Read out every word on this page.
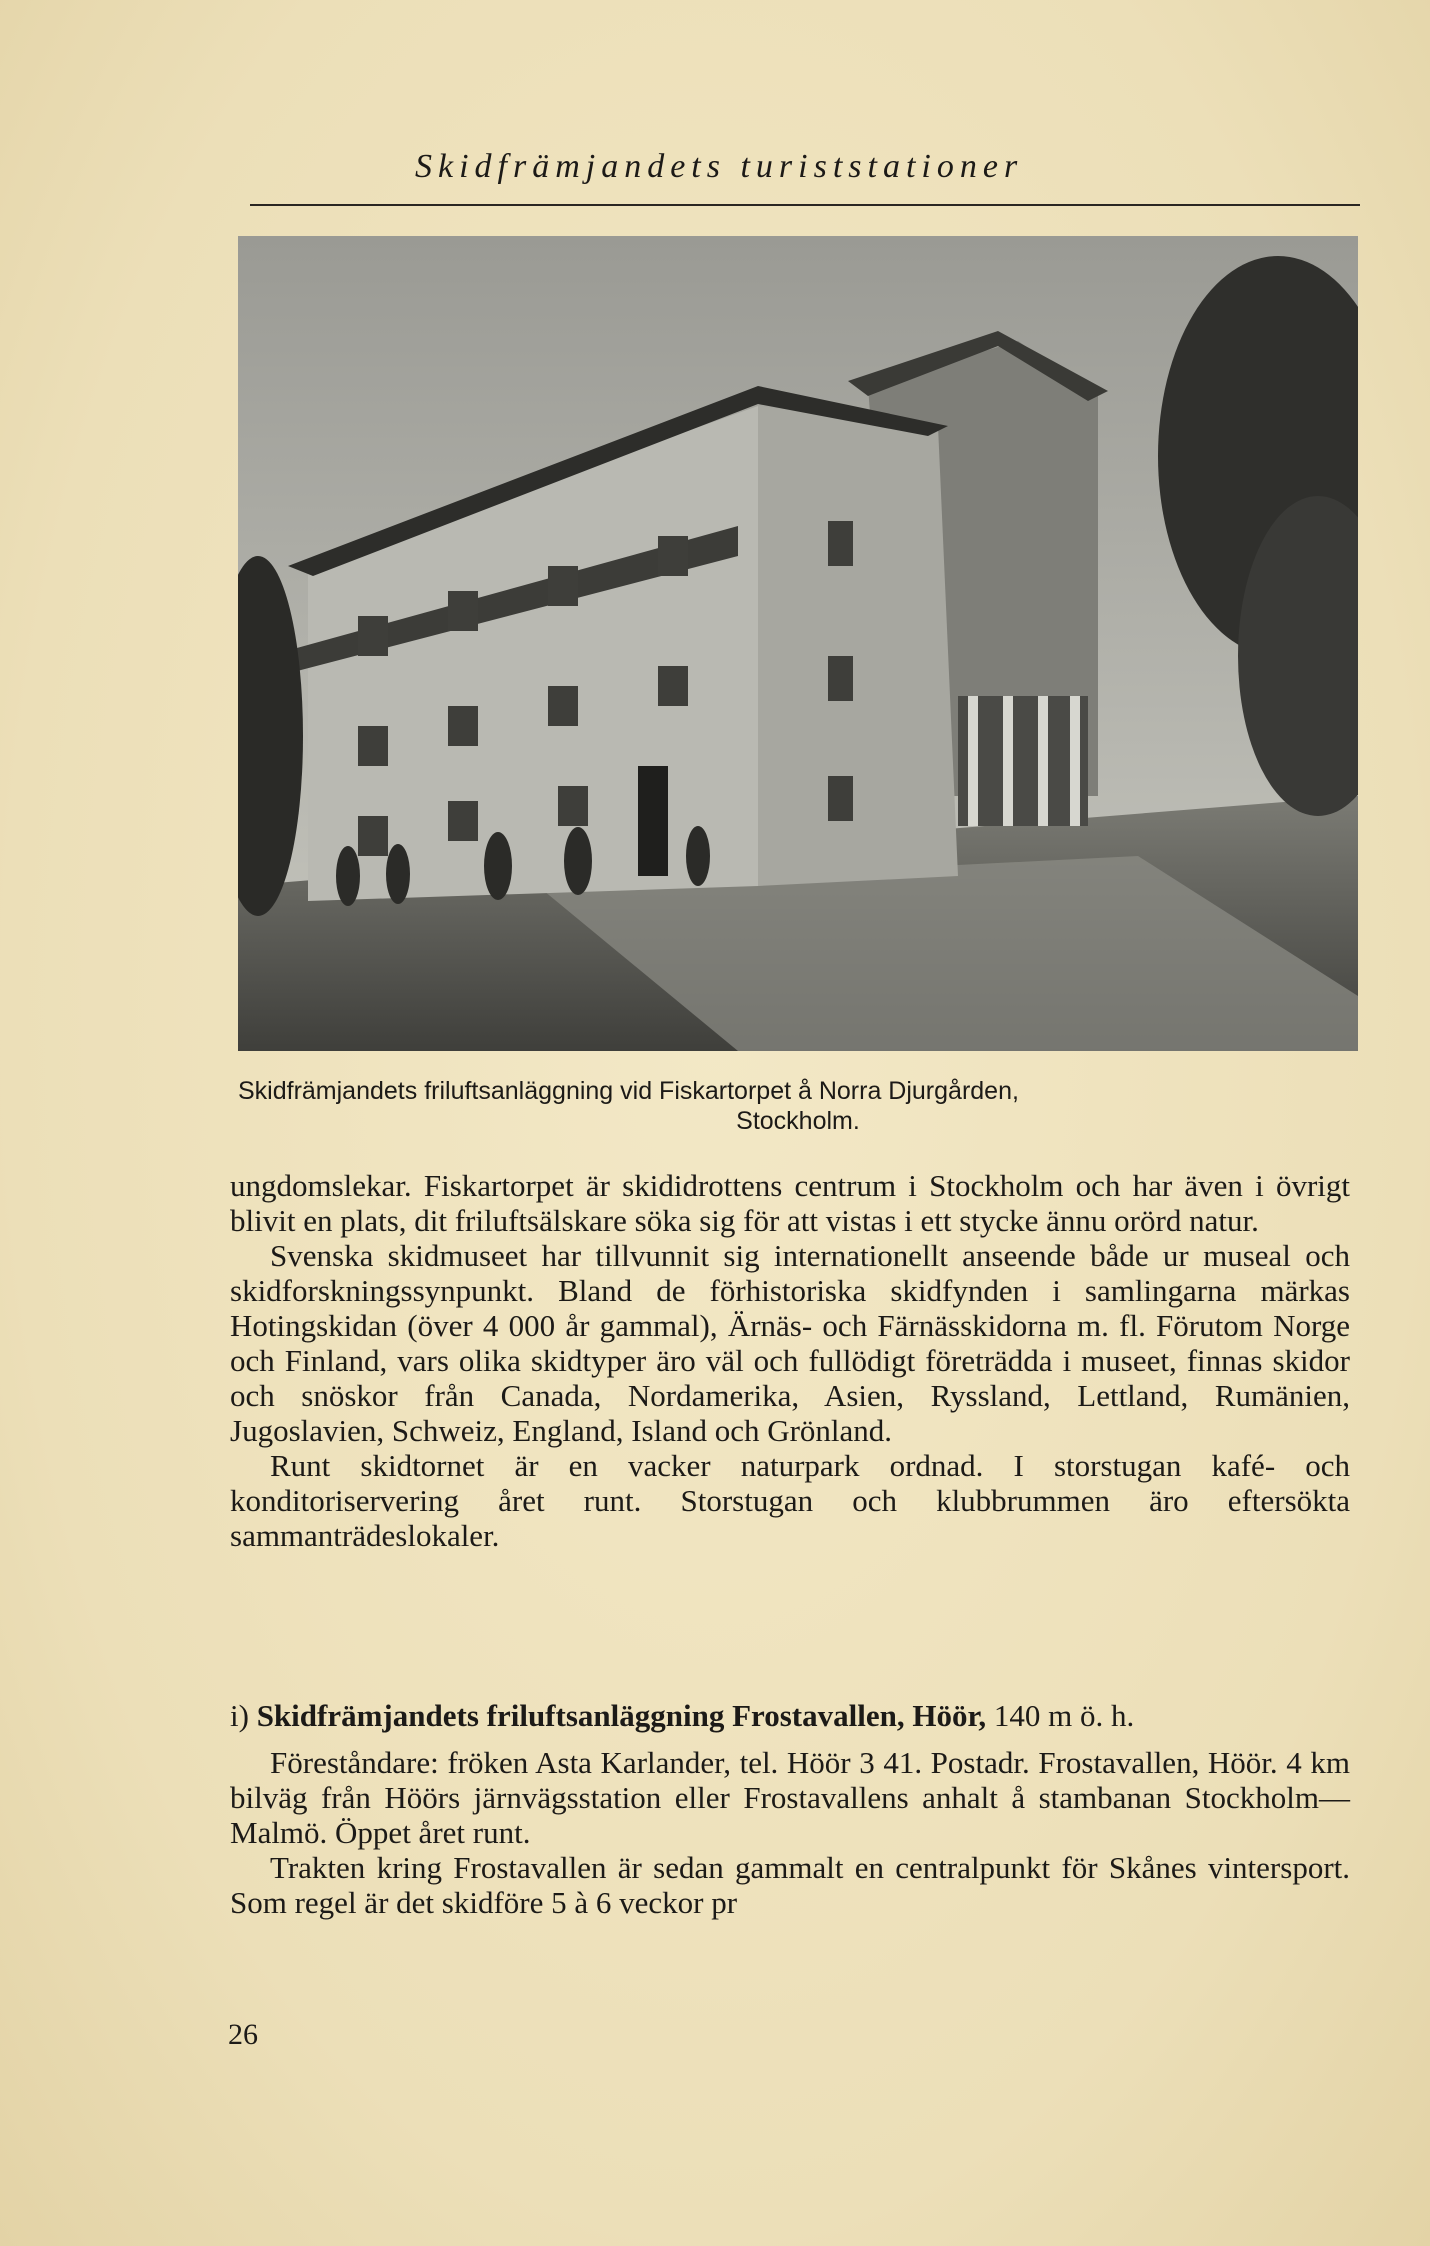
Skidfrämjandets turiststationer
Skidfrämjandets friluftsanläggning vid Fiskartorpet å Norra Djurgården,
Stockholm.

ungdomslekar. Fiskartorpet är skididrottens centrum i Stockholm och har även i övrigt blivit en plats, dit friluftsälskare söka sig för att vistas i ett stycke ännu orörd natur.

Svenska skidmuseet har tillvunnit sig internationellt anseende både ur museal och skidforskningssynpunkt. Bland de förhistoriska skidfynden i samlingarna märkas Hotingskidan (över 4 000 år gammal), Ärnäs- och Färnässkidorna m. fl. Förutom Norge och Finland, vars olika skidtyper äro väl och fullödigt företrädda i museet, finnas skidor och snöskor från Canada, Nordamerika, Asien, Ryssland, Lettland, Rumänien, Jugoslavien, Schweiz, England, Island och Grönland.

Runt skidtornet är en vacker naturpark ordnad. I storstugan kafé- och konditoriservering året runt. Storstugan och klubbrummen äro eftersökta sammanträdeslokaler.

i) Skidfrämjandets friluftsanläggning Frostavallen, Höör, 140 m ö. h.

Föreståndare: fröken Asta Karlander, tel. Höör 3 41. Postadr. Frostavallen, Höör. 4 km bilväg från Höörs järnvägsstation eller Frostavallens anhalt å stambanan Stockholm—Malmö. Öppet året runt.

Trakten kring Frostavallen är sedan gammalt en centralpunkt för Skånes vintersport. Som regel är det skidföre 5 à 6 veckor pr

26
